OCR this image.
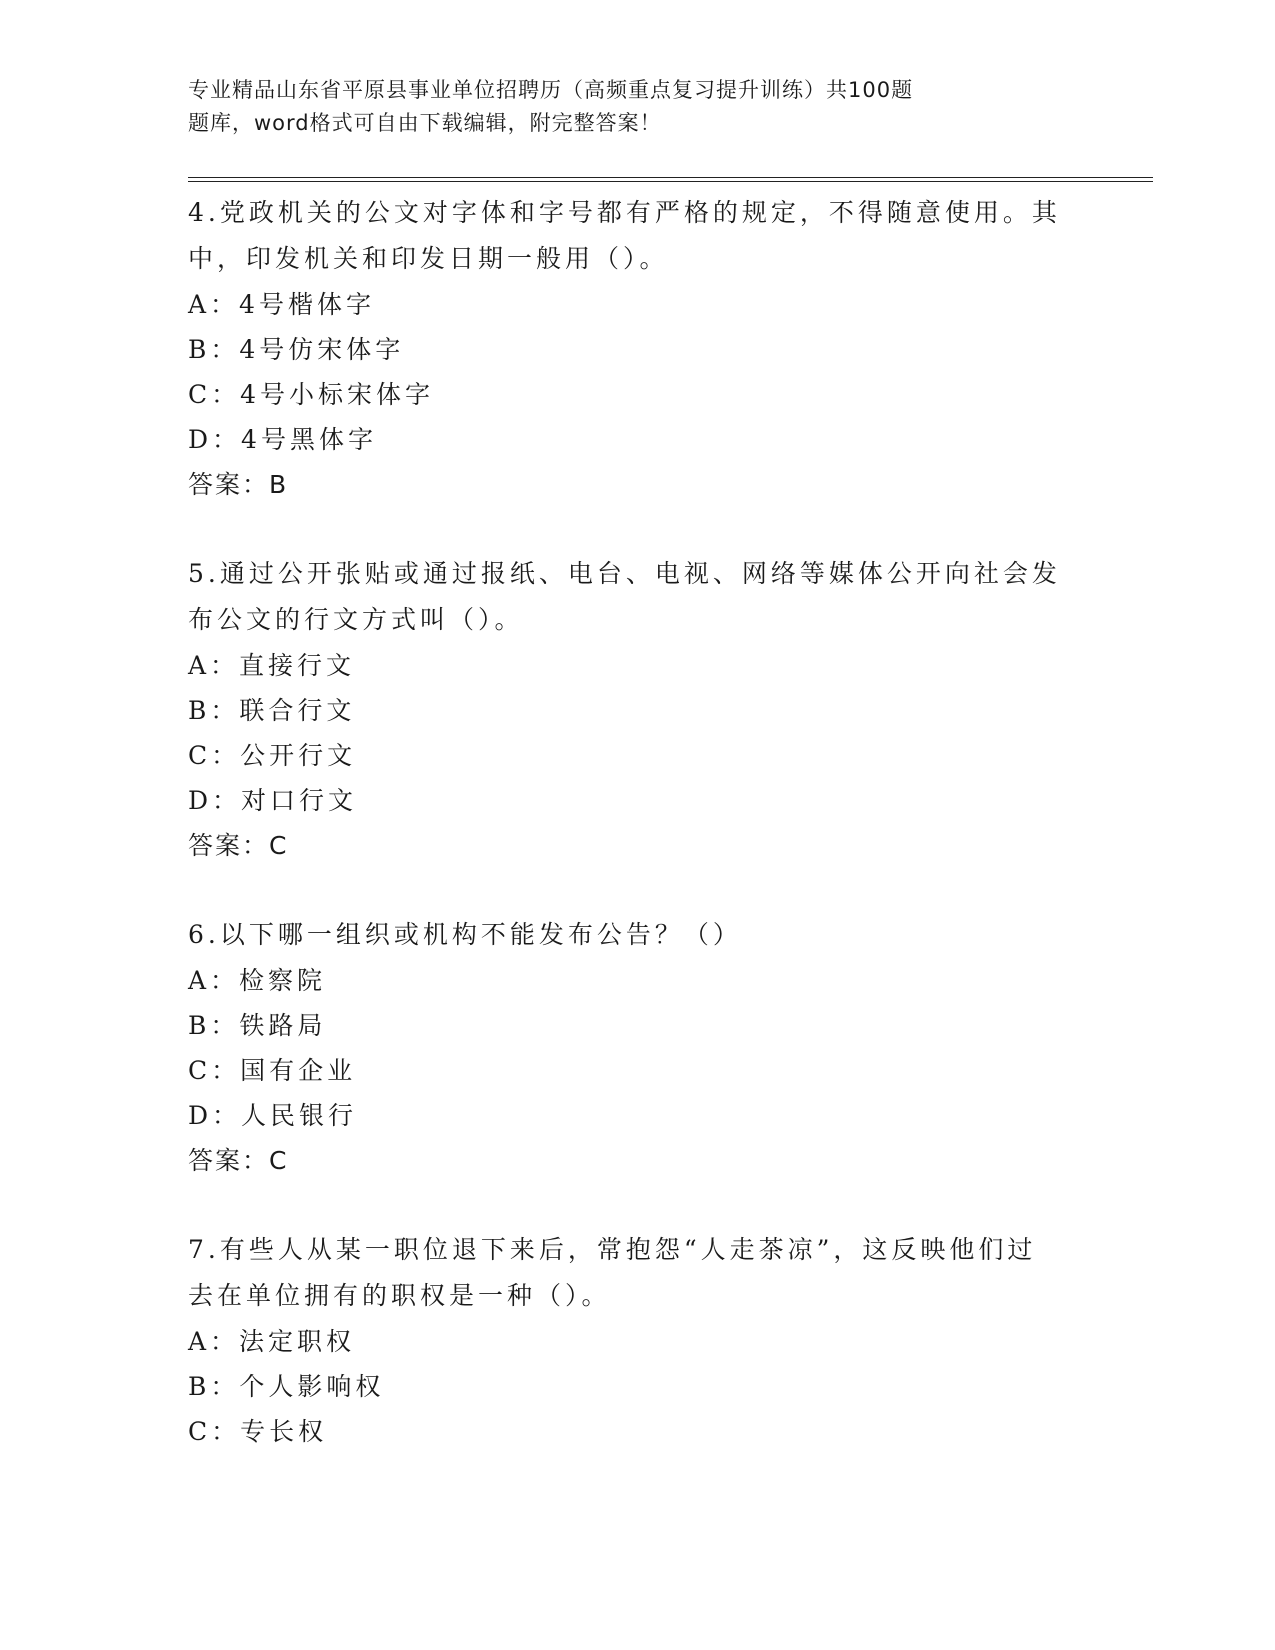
专业精品山东省平原县事业单位招聘历（高频重点复习提升训练）共100题
题库，word格式可自由下载编辑，附完整答案！
4.党政机关的公文对字体和字号都有严格的规定，不得随意使用。其
中，印发机关和印发日期一般用（）。
A：4号楷体字
B：4号仿宋体字
C：4号小标宋体字
D：4号黑体字
答案：B
5.通过公开张贴或通过报纸、电台、电视、网络等媒体公开向社会发
布公文的行文方式叫（）。
A：直接行文
B：联合行文
C：公开行文
D：对口行文
答案：C
6.以下哪一组织或机构不能发布公告？（）
A：检察院
B：铁路局
C：国有企业
D：人民银行
答案：C
7.有些人从某一职位退下来后，常抱怨“人走茶凉”，这反映他们过
去在单位拥有的职权是一种（）。
A：法定职权
B：个人影响权
C：专长权
